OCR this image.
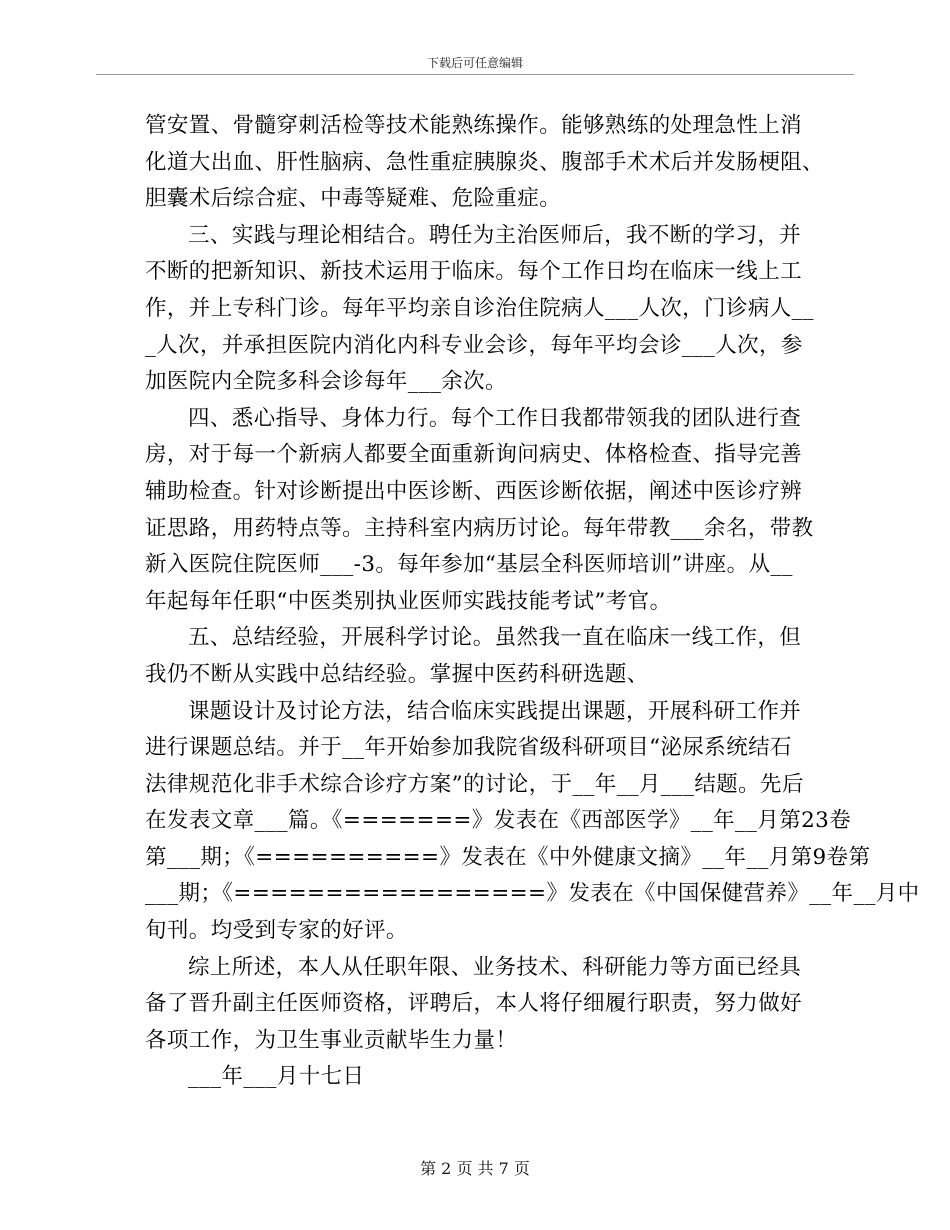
下载后可任意编辑
管安置、骨髓穿刺活检等技术能熟练操作。能够熟练的处理急性上消
化道大出血、肝性脑病、急性重症胰腺炎、腹部手术术后并发肠梗阻、
胆囊术后综合症、中毒等疑难、危险重症。
三、实践与理论相结合。聘任为主治医师后，我不断的学习，并
不断的把新知识、新技术运用于临床。每个工作日均在临床一线上工
作，并上专科门诊。每年平均亲自诊治住院病人___人次，门诊病人__
_人次，并承担医院内消化内科专业会诊，每年平均会诊___人次，参
加医院内全院多科会诊每年___余次。
四、悉心指导、身体力行。每个工作日我都带领我的团队进行查
房，对于每一个新病人都要全面重新询问病史、体格检查、指导完善
辅助检查。针对诊断提出中医诊断、西医诊断依据，阐述中医诊疗辨
证思路，用药特点等。主持科室内病历讨论。每年带教___余名，带教
新入医院住院医师___-3。每年参加“基层全科医师培训”讲座。从__
年起每年任职“中医类别执业医师实践技能考试”考官。
五、总结经验，开展科学讨论。虽然我一直在临床一线工作，但
我仍不断从实践中总结经验。掌握中医药科研选题、
课题设计及讨论方法，结合临床实践提出课题，开展科研工作并
进行课题总结。并于__年开始参加我院省级科研项目“泌尿系统结石
法律规范化非手术综合诊疗方案”的讨论，于__年__月___结题。先后
在发表文章___篇。《=======》发表在《西部医学》__年__月第23卷
第___期；《==========》发表在《中外健康文摘》__年__月第9卷第
___期；《=================》发表在《中国保健营养》__年__月中
旬刊。均受到专家的好评。
综上所述，本人从任职年限、业务技术、科研能力等方面已经具
备了晋升副主任医师资格，评聘后，本人将仔细履行职责，努力做好
各项工作，为卫生事业贡献毕生力量！
___年___月十七日
第 2 页 共 7 页
